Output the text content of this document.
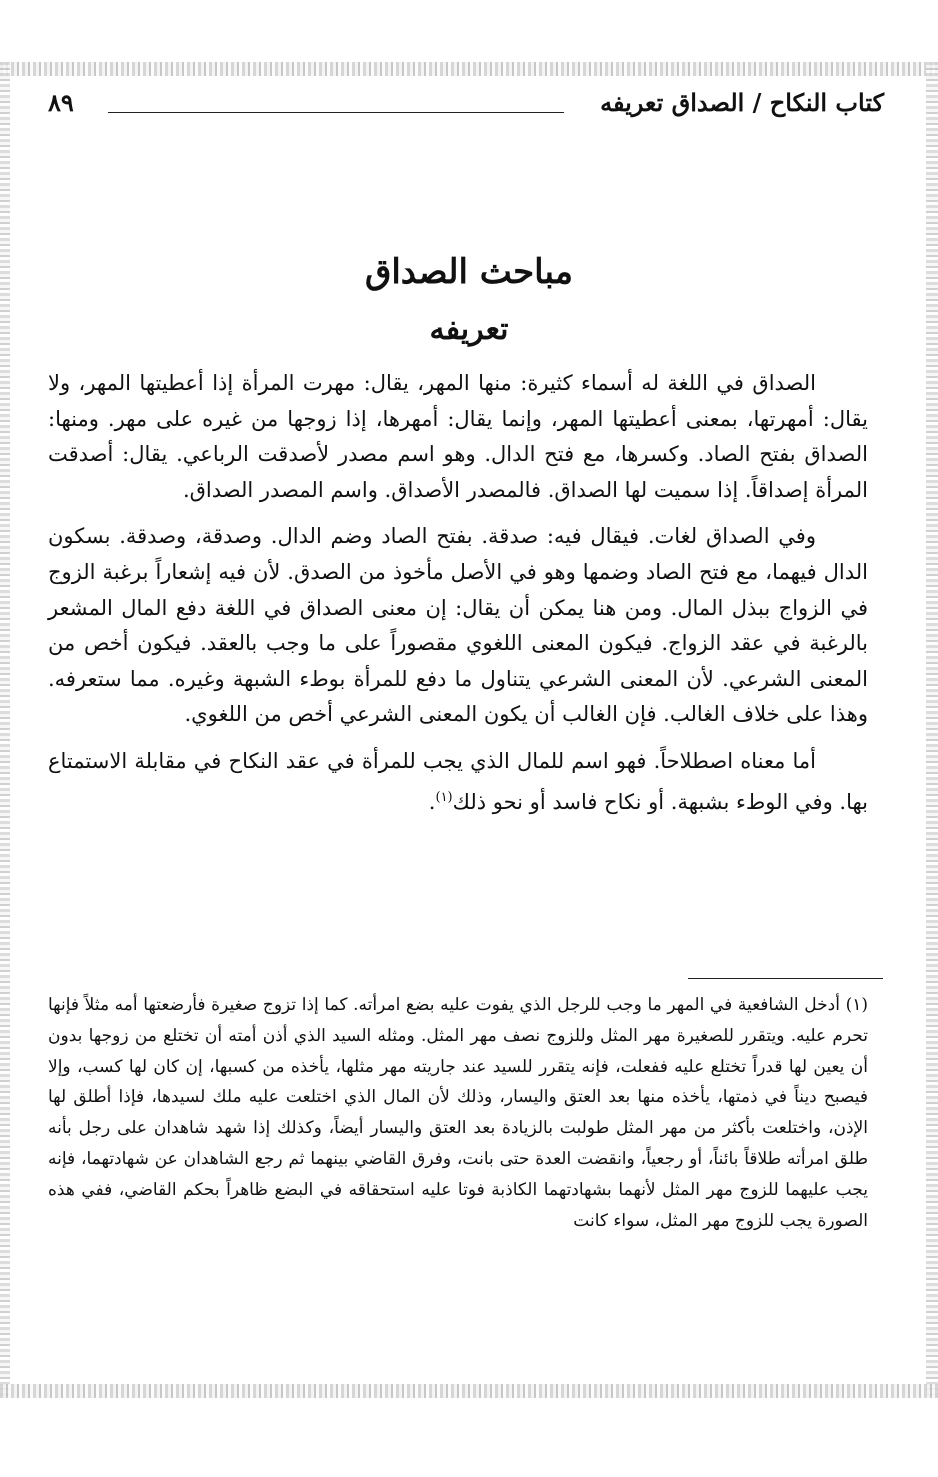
كتاب النكاح / الصداق تعريفه
٨٩
مباحث الصداق
تعريفه

الصداق في اللغة له أسماء كثيرة: منها المهر، يقال: مهرت المرأة إذا أعطيتها المهر، ولا يقال: أمهرتها، بمعنى أعطيتها المهر، وإنما يقال: أمهرها، إذا زوجها من غيره على مهر. ومنها: الصداق بفتح الصاد. وكسرها، مع فتح الدال. وهو اسم مصدر لأصدقت الرباعي. يقال: أصدقت المرأة إصداقاً. إذا سميت لها الصداق. فالمصدر الأصداق. واسم المصدر الصداق.

وفي الصداق لغات. فيقال فيه: صدقة. بفتح الصاد وضم الدال. وصدقة، وصدقة. بسكون الدال فيهما، مع فتح الصاد وضمها وهو في الأصل مأخوذ من الصدق. لأن فيه إشعاراً برغبة الزوج في الزواج ببذل المال. ومن هنا يمكن أن يقال: إن معنى الصداق في اللغة دفع المال المشعر بالرغبة في عقد الزواج. فيكون المعنى اللغوي مقصوراً على ما وجب بالعقد. فيكون أخص من المعنى الشرعي. لأن المعنى الشرعي يتناول ما دفع للمرأة بوطء الشبهة وغيره. مما ستعرفه. وهذا على خلاف الغالب. فإن الغالب أن يكون المعنى الشرعي أخص من اللغوي.

أما معناه اصطلاحاً. فهو اسم للمال الذي يجب للمرأة في عقد النكاح في مقابلة الاستمتاع بها. وفي الوطء بشبهة. أو نكاح فاسد أو نحو ذلك$^{(١)}$.

(١) أدخل الشافعية في المهر ما وجب للرجل الذي يفوت عليه بضع امرأته. كما إذا تزوج صغيرة فأرضعتها أمه مثلاً فإنها تحرم عليه. ويتقرر للصغيرة مهر المثل وللزوج نصف مهر المثل. ومثله السيد الذي أذن أمته أن تختلع من زوجها بدون أن يعين لها قدراً تختلع عليه ففعلت، فإنه يتقرر للسيد عند جاريته مهر مثلها، يأخذه من كسبها، إن كان لها كسب، وإلا فيصبح ديناً في ذمتها، يأخذه منها بعد العتق واليسار، وذلك لأن المال الذي اختلعت عليه ملك لسيدها، فإذا أطلق لها الإذن، واختلعت بأكثر من مهر المثل طولبت بالزيادة بعد العتق واليسار أيضاً، وكذلك إذا شهد شاهدان على رجل بأنه طلق امرأته طلاقاً بائناً، أو رجعياً، وانقضت العدة حتى بانت، وفرق القاضي بينهما ثم رجع الشاهدان عن شهادتهما، فإنه يجب عليهما للزوج مهر المثل لأنهما بشهادتهما الكاذبة فوتا عليه استحقاقه في البضع ظاهراً بحكم القاضي، ففي هذه الصورة يجب للزوج مهر المثل، سواء كانت
